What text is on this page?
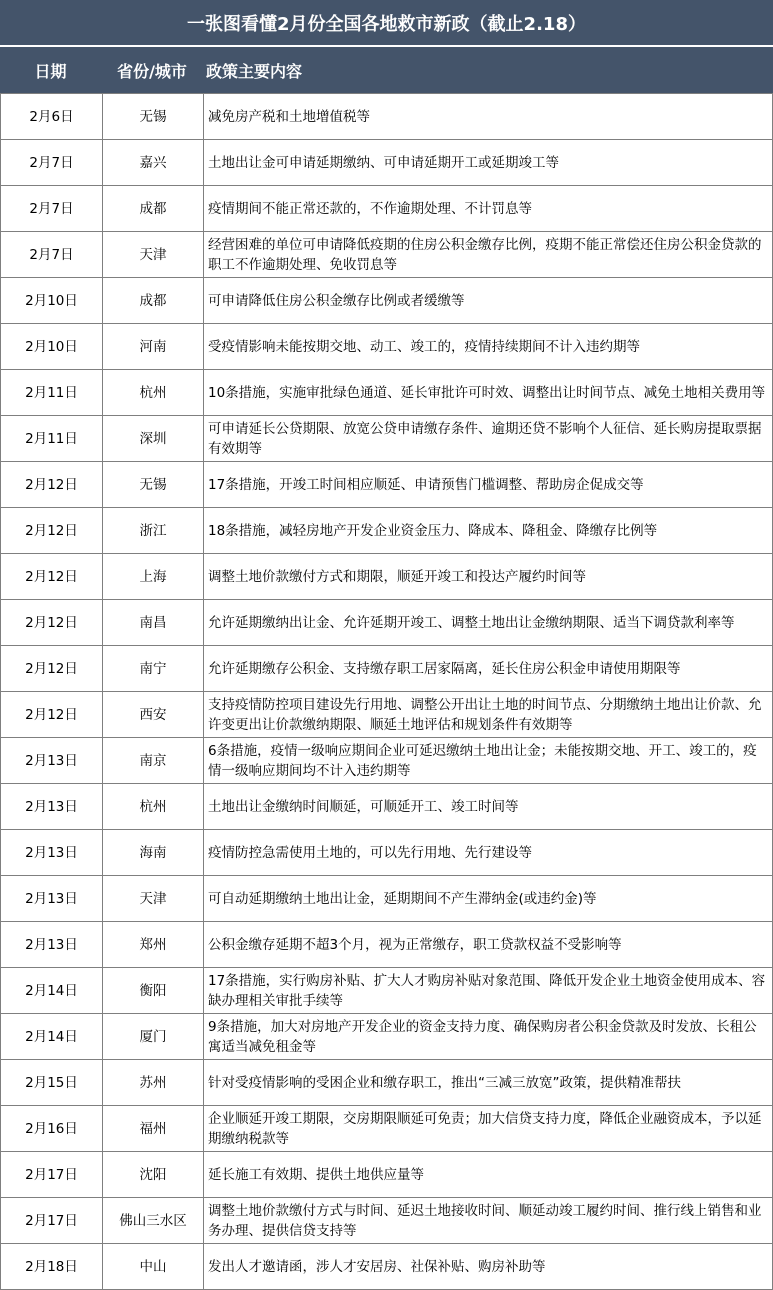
一张图看懂2月份全国各地救市新政（截止2.18）
日期	省份/城市	政策主要内容
2月6日	无锡	减免房产税和土地增值税等
2月7日	嘉兴	土地出让金可申请延期缴纳、可申请延期开工或延期竣工等
2月7日	成都	疫情期间不能正常还款的，不作逾期处理、不计罚息等
2月7日	天津	经营困难的单位可申请降低疫期的住房公积金缴存比例，疫期不能正常偿还住房公积金贷款的职工不作逾期处理、免收罚息等
2月10日	成都	可申请降低住房公积金缴存比例或者缓缴等
2月10日	河南	受疫情影响未能按期交地、动工、竣工的，疫情持续期间不计入违约期等
2月11日	杭州	10条措施，实施审批绿色通道、延长审批许可时效、调整出让时间节点、减免土地相关费用等
2月11日	深圳	可申请延长公贷期限、放宽公贷申请缴存条件、逾期还贷不影响个人征信、延长购房提取票据有效期等
2月12日	无锡	17条措施，开竣工时间相应顺延、申请预售门槛调整、帮助房企促成交等
2月12日	浙江	18条措施，减轻房地产开发企业资金压力、降成本、降租金、降缴存比例等
2月12日	上海	调整土地价款缴付方式和期限，顺延开竣工和投达产履约时间等
2月12日	南昌	允许延期缴纳出让金、允许延期开竣工、调整土地出让金缴纳期限、适当下调贷款利率等
2月12日	南宁	允许延期缴存公积金、支持缴存职工居家隔离，延长住房公积金申请使用期限等
2月12日	西安	支持疫情防控项目建设先行用地、调整公开出让土地的时间节点、分期缴纳土地出让价款、允许变更出让价款缴纳期限、顺延土地评估和规划条件有效期等
2月13日	南京	6条措施，疫情一级响应期间企业可延迟缴纳土地出让金；未能按期交地、开工、竣工的，疫情一级响应期间均不计入违约期等
2月13日	杭州	土地出让金缴纳时间顺延，可顺延开工、竣工时间等
2月13日	海南	疫情防控急需使用土地的，可以先行用地、先行建设等
2月13日	天津	可自动延期缴纳土地出让金，延期期间不产生滞纳金(或违约金)等
2月13日	郑州	公积金缴存延期不超3个月，视为正常缴存，职工贷款权益不受影响等
2月14日	衡阳	17条措施，实行购房补贴、扩大人才购房补贴对象范围、降低开发企业土地资金使用成本、容缺办理相关审批手续等
2月14日	厦门	9条措施，加大对房地产开发企业的资金支持力度、确保购房者公积金贷款及时发放、长租公寓适当减免租金等
2月15日	苏州	针对受疫情影响的受困企业和缴存职工，推出“三减三放宽”政策，提供精准帮扶
2月16日	福州	企业顺延开竣工期限，交房期限顺延可免责；加大信贷支持力度，降低企业融资成本，予以延期缴纳税款等
2月17日	沈阳	延长施工有效期、提供土地供应量等
2月17日	佛山三水区	调整土地价款缴付方式与时间、延迟土地接收时间、顺延动竣工履约时间、推行线上销售和业务办理、提供信贷支持等
2月18日	中山	发出人才邀请函，涉人才安居房、社保补贴、购房补助等
